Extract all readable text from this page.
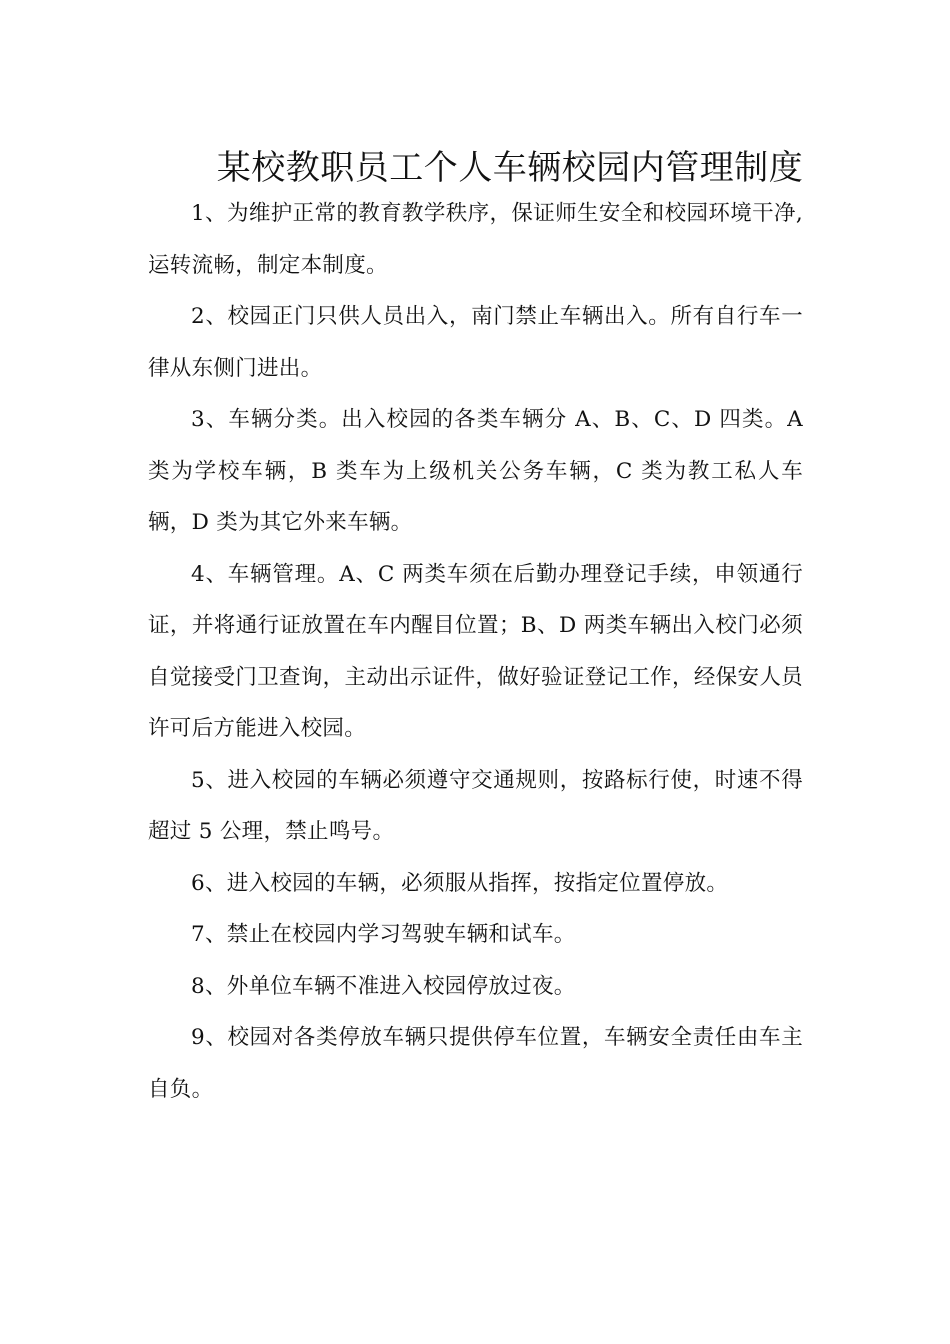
某校教职员工个人车辆校园内管理制度

1、为维护正常的教育教学秩序，保证师生安全和校园环境干净,运转流畅，制定本制度。

2、校园正门只供人员出入，南门禁止车辆出入。所有自行车一律从东侧门进出。

3、车辆分类。出入校园的各类车辆分 A、B、C、D 四类。A 类为学校车辆，B 类车为上级机关公务车辆，C 类为教工私人车辆，D 类为其它外来车辆。

4、车辆管理。A、C 两类车须在后勤办理登记手续，申领通行证，并将通行证放置在车内醒目位置；B、D 两类车辆出入校门必须自觉接受门卫查询，主动出示证件，做好验证登记工作，经保安人员许可后方能进入校园。

5、进入校园的车辆必须遵守交通规则，按路标行使，时速不得超过 5 公理，禁止鸣号。

6、进入校园的车辆，必须服从指挥，按指定位置停放。

7、禁止在校园内学习驾驶车辆和试车。

8、外单位车辆不准进入校园停放过夜。

9、校园对各类停放车辆只提供停车位置，车辆安全责任由车主自负。
